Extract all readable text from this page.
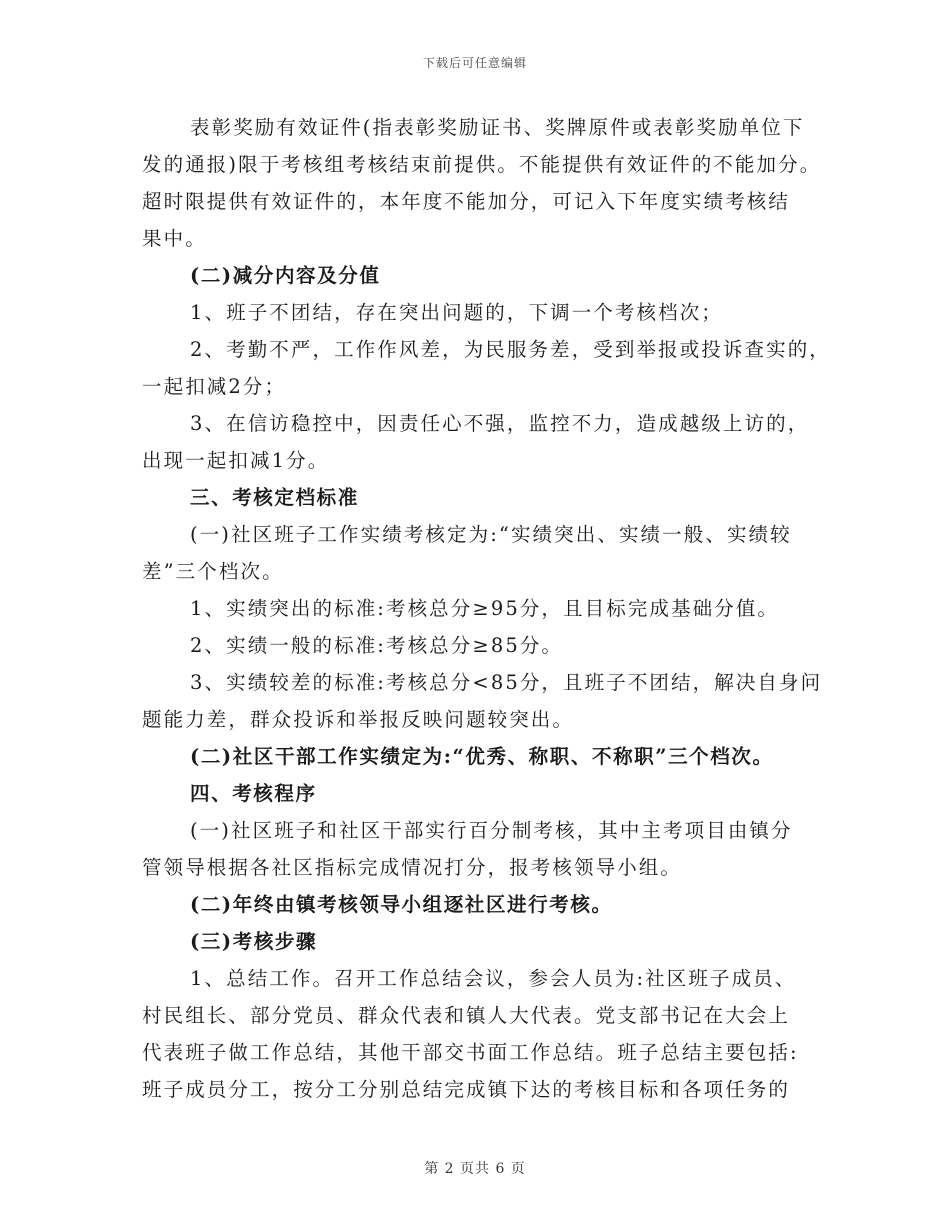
下载后可任意编辑
表彰奖励有效证件(指表彰奖励证书、奖牌原件或表彰奖励单位下
发的通报)限于考核组考核结束前提供。不能提供有效证件的不能加分。
超时限提供有效证件的，本年度不能加分，可记入下年度实绩考核结
果中。
(二)减分内容及分值
1、班子不团结，存在突出问题的，下调一个考核档次；
2、考勤不严，工作作风差，为民服务差，受到举报或投诉查实的，
一起扣减2分；
3、在信访稳控中，因责任心不强，监控不力，造成越级上访的，
出现一起扣减1分。
三、考核定档标准
(一)社区班子工作实绩考核定为:“实绩突出、实绩一般、实绩较
差”三个档次。
1、实绩突出的标准:考核总分≥95分，且目标完成基础分值。
2、实绩一般的标准:考核总分≥85分。
3、实绩较差的标准:考核总分<85分，且班子不团结，解决自身问
题能力差，群众投诉和举报反映问题较突出。
(二)社区干部工作实绩定为:“优秀、称职、不称职”三个档次。
四、考核程序
(一)社区班子和社区干部实行百分制考核，其中主考项目由镇分
管领导根据各社区指标完成情况打分，报考核领导小组。
(二)年终由镇考核领导小组逐社区进行考核。
(三)考核步骤
1、总结工作。召开工作总结会议，参会人员为:社区班子成员、
村民组长、部分党员、群众代表和镇人大代表。党支部书记在大会上
代表班子做工作总结，其他干部交书面工作总结。班子总结主要包括:
班子成员分工，按分工分别总结完成镇下达的考核目标和各项任务的
第 2 页共 6 页
